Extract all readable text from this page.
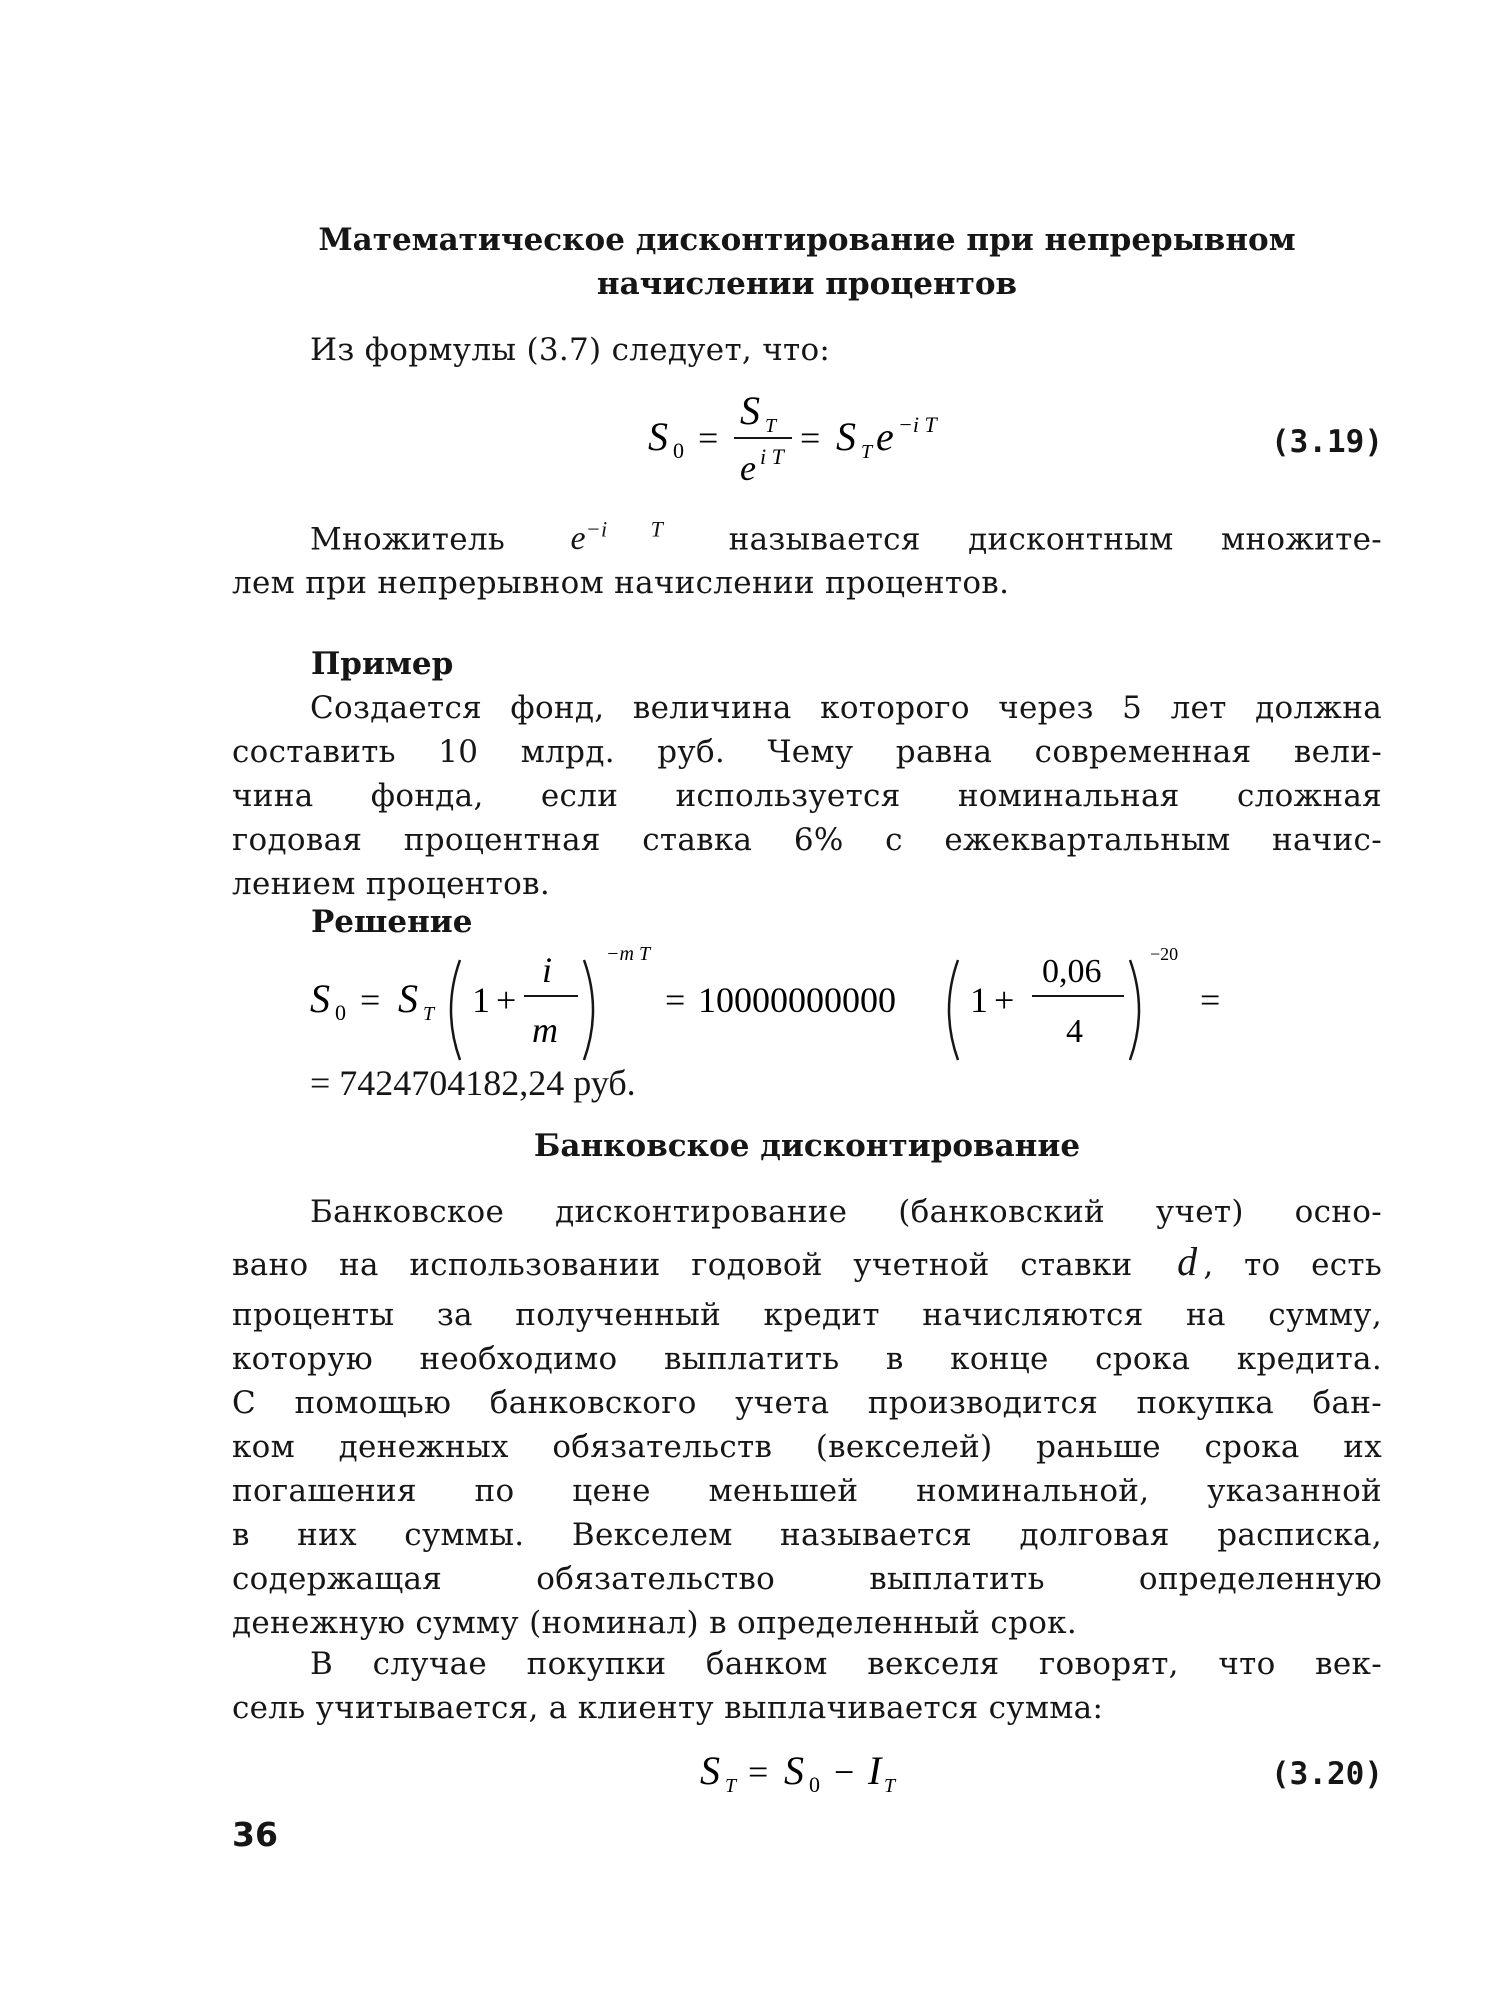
Математическое дисконтирование при непрерывном
начислении процентов
Из формулы (3.7) следует, что:
S 0 =
S T
e i T = S T e −i T	(3.19)
Множитель $e^{-i T}$ называется дисконтным множите-
лем при непрерывном начислении процентов.
Пример
Создается фонд, величина которого через 5 лет должна
составить 10 млрд. руб. Чему равна современная вели-
чина фонда, если используется номинальная сложная
годовая процентная ставка 6% с ежеквартальным начис-
лением процентов.
Решение
S 0 = S T 1 +
i
m
−m T
= 10000000000 1 +
0,06
4
−20
=
= 7424704182,24 руб.
Банковское дисконтирование
Банковское дисконтирование (банковский учет) осно-
вано на использовании годовой учетной ставки d , то есть
проценты за полученный кредит начисляются на сумму,
которую необходимо выплатить в конце срока кредита.
С помощью банковского учета производится покупка бан-
ком денежных обязательств (векселей) раньше срока их
погашения по цене меньшей номинальной, указанной
в них суммы. Векселем называется долговая расписка,
содержащая обязательство выплатить определенную
денежную сумму (номинал) в определенный срок.
В случае покупки банком векселя говорят, что век-
сель учитывается, а клиенту выплачивается сумма:
S T = S 0 − I T	(3.20)
36
